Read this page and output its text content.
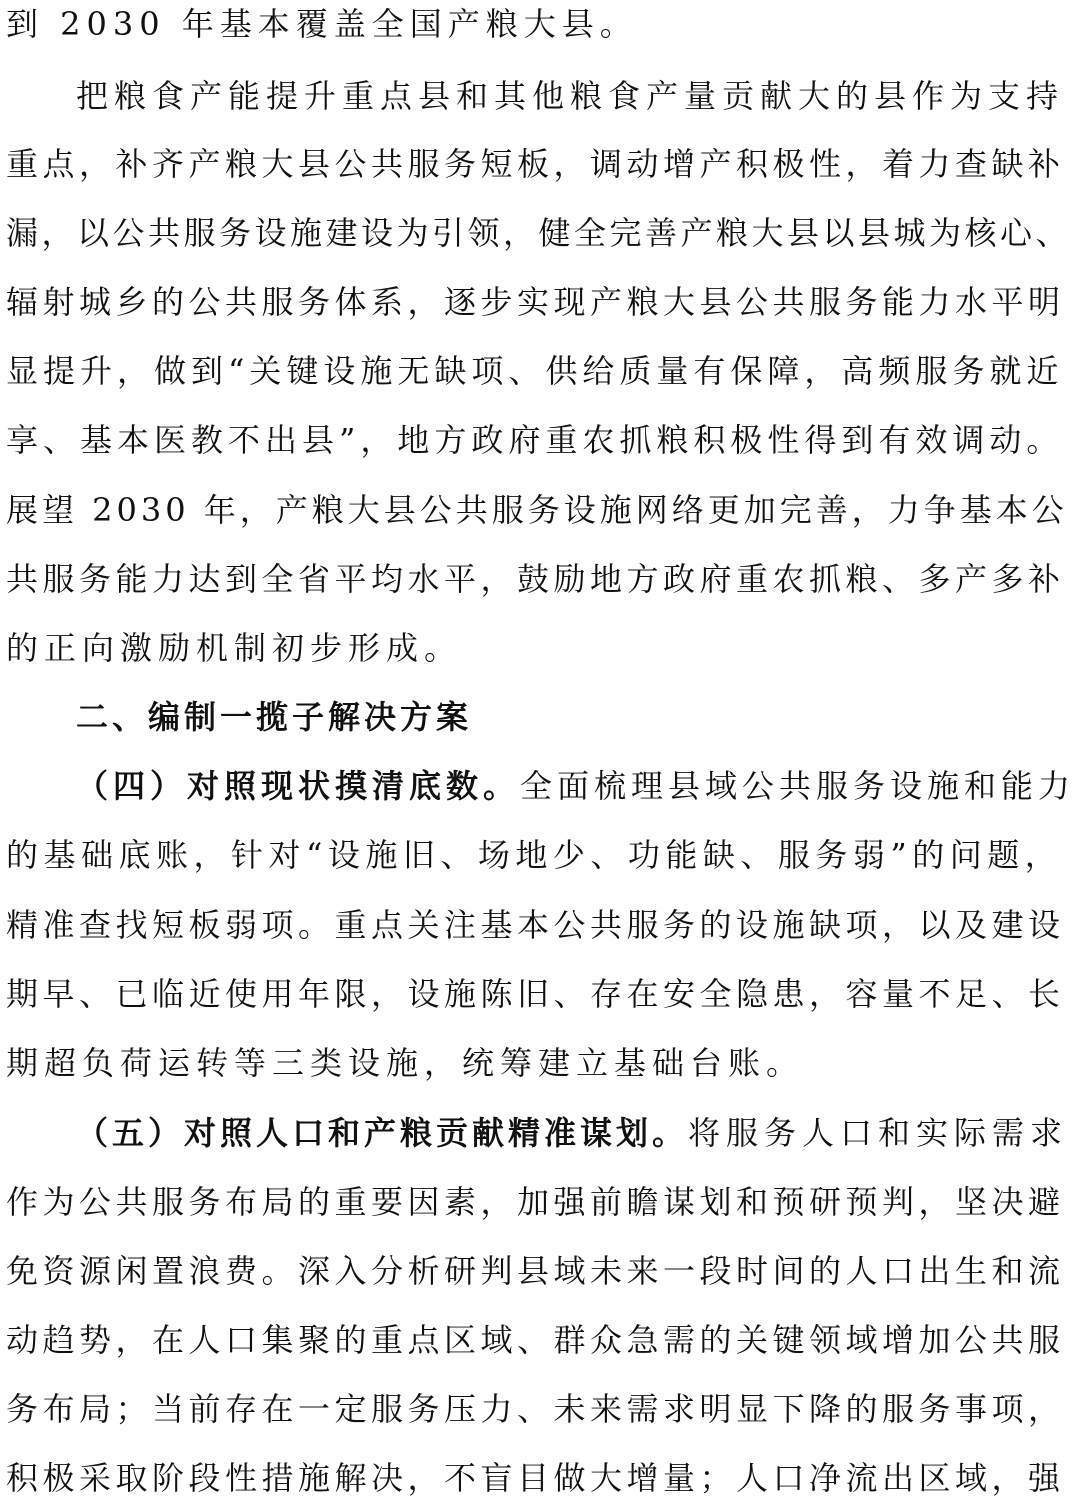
到 2030 年基本覆盖全国产粮大县。
把粮食产能提升重点县和其他粮食产量贡献大的县作为支持
重点，补齐产粮大县公共服务短板，调动增产积极性，着力查缺补
漏，以公共服务设施建设为引领，健全完善产粮大县以县城为核心、
辐射城乡的公共服务体系，逐步实现产粮大县公共服务能力水平明
显提升，做到“关键设施无缺项、供给质量有保障，高频服务就近
享、基本医教不出县”，地方政府重农抓粮积极性得到有效调动。
展望 2030 年，产粮大县公共服务设施网络更加完善，力争基本公
共服务能力达到全省平均水平，鼓励地方政府重农抓粮、多产多补
的正向激励机制初步形成。
二、编制一揽子解决方案
（四）对照现状摸清底数。全面梳理县域公共服务设施和能力
的基础底账，针对“设施旧、场地少、功能缺、服务弱”的问题，
精准查找短板弱项。重点关注基本公共服务的设施缺项，以及建设
期早、已临近使用年限，设施陈旧、存在安全隐患，容量不足、长
期超负荷运转等三类设施，统筹建立基础台账。
（五）对照人口和产粮贡献精准谋划。将服务人口和实际需求
作为公共服务布局的重要因素，加强前瞻谋划和预研预判，坚决避
免资源闲置浪费。深入分析研判县域未来一段时间的人口出生和流
动趋势，在人口集聚的重点区域、群众急需的关键领域增加公共服
务布局；当前存在一定服务压力、未来需求明显下降的服务事项，
积极采取阶段性措施解决，不盲目做大增量；人口净流出区域，强
